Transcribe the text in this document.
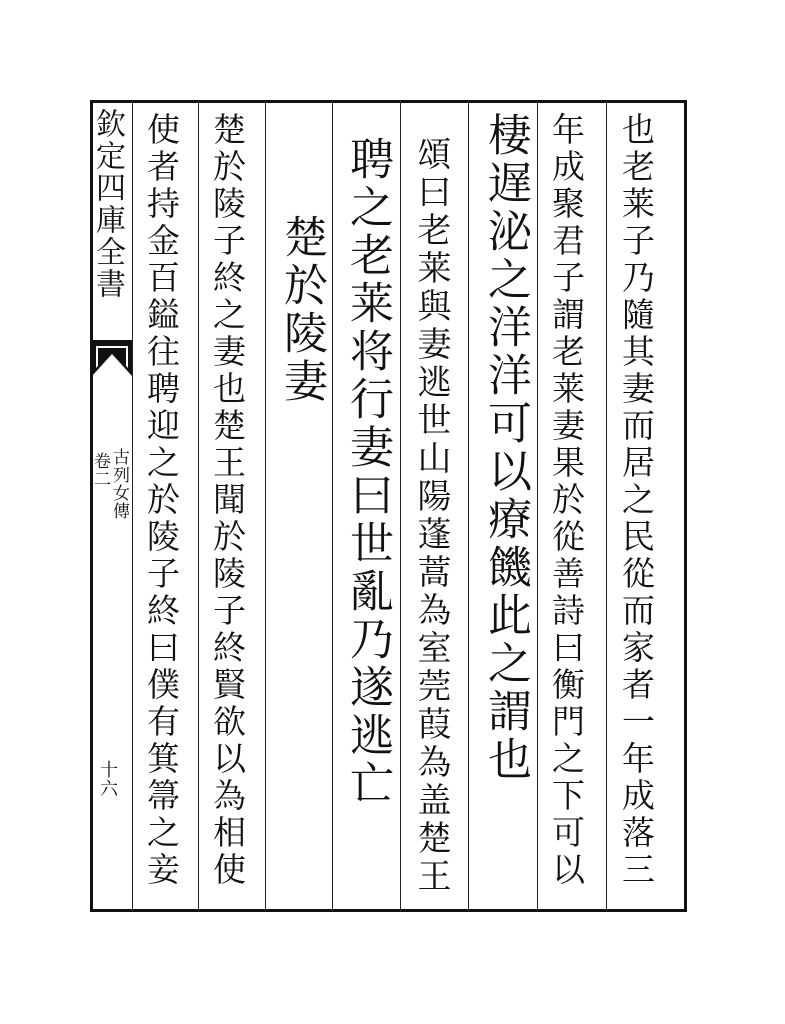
欽定四庫全書
古列女傳
卷二
十六	也老莱子乃隨其妻而居之民從而家者一年成落三
年成聚君子謂老莱妻果於從善詩曰衡門之下可以
棲遅泌之洋洋可以療饑此之謂也
頌曰老莱與妻逃世山陽蓬蒿為室莞葭為盖楚王
聘之老莱将行妻曰世亂乃遂逃亡
楚於陵妻
楚於陵子終之妻也楚王聞於陵子終賢欲以為相使
使者持金百鎰往聘迎之於陵子終曰僕有箕箒之妾
